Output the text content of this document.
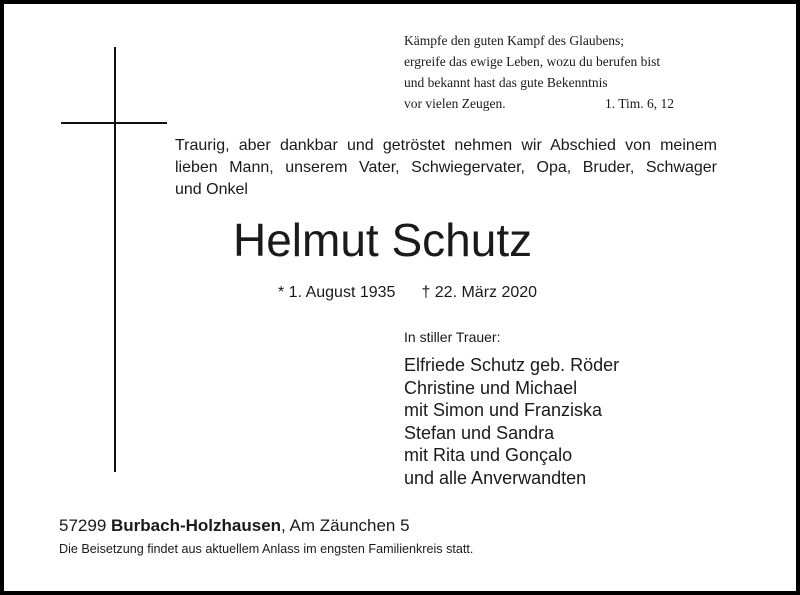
Kämpfe den guten Kampf des Glaubens;
ergreife das ewige Leben, wozu du berufen bist
und bekannt hast das gute Bekenntnis
vor vielen Zeugen.	1. Tim. 6, 12
Traurig, aber dankbar und getröstet nehmen wir Abschied von meinem
lieben Mann, unserem Vater, Schwiegervater, Opa, Bruder, Schwager
und Onkel
Helmut Schutz
* 1. August 1935 † 22. März 2020
In stiller Trauer:
Elfriede Schutz geb. Röder
Christine und Michael
mit Simon und Franziska
Stefan und Sandra
mit Rita und Gonçalo
und alle Anverwandten
57299 Burbach-Holzhausen, Am Zäunchen 5
Die Beisetzung findet aus aktuellem Anlass im engsten Familienkreis statt.
